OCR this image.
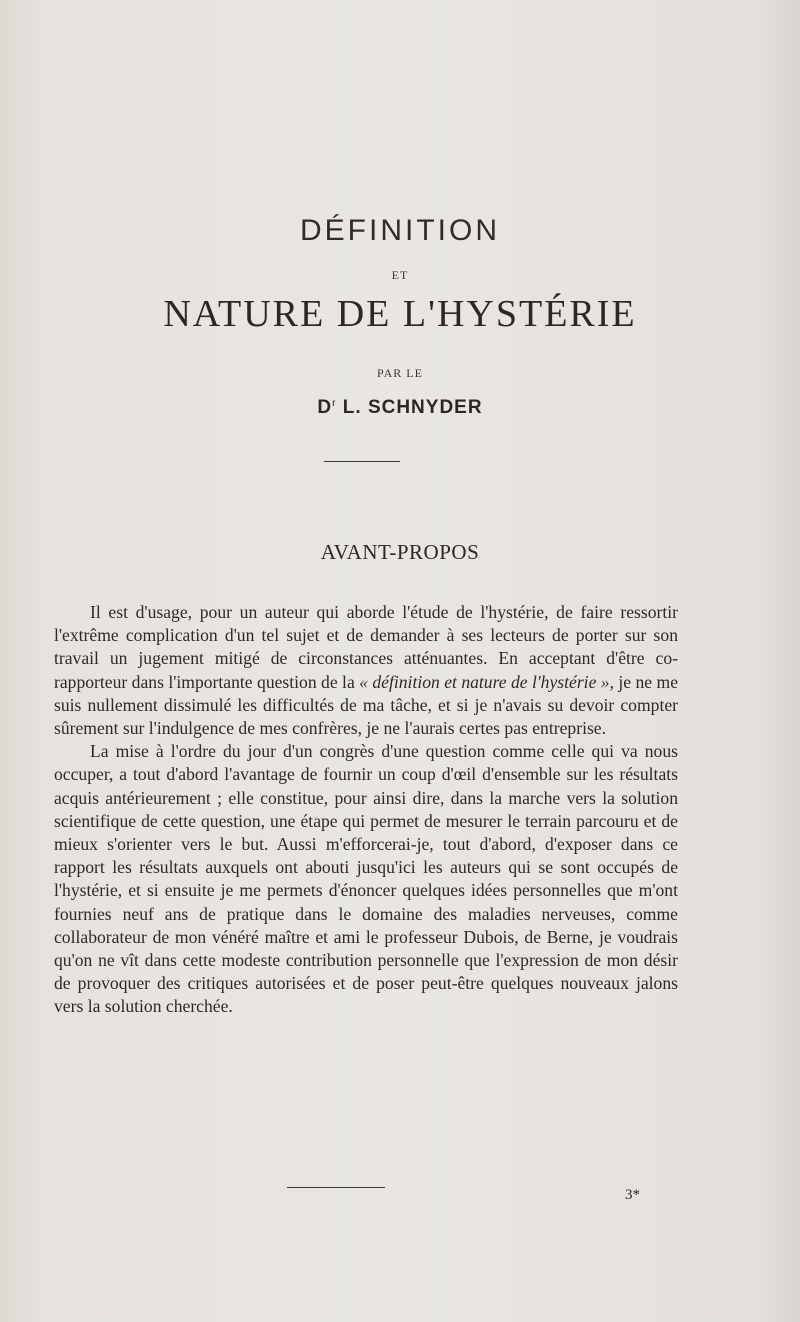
DÉFINITION
ET
NATURE DE L'HYSTÉRIE
PAR LE
$D^r$ L. SCHNYDER
AVANT-PROPOS

Il est d'usage, pour un auteur qui aborde l'étude de l'hystérie, de faire ressortir l'extrême complication d'un tel sujet et de demander à ses lecteurs de porter sur son travail un jugement mitigé de circonstances atténuantes. En acceptant d'être co-rapporteur dans l'importante question de la « définition et nature de l'hystérie », je ne me suis nullement dissimulé les difficultés de ma tâche, et si je n'avais su devoir compter sûrement sur l'indulgence de mes confrères, je ne l'aurais certes pas entreprise.

La mise à l'ordre du jour d'un congrès d'une question comme celle qui va nous occuper, a tout d'abord l'avantage de fournir un coup d'œil d'ensemble sur les résultats acquis antérieurement ; elle constitue, pour ainsi dire, dans la marche vers la solution scientifique de cette question, une étape qui permet de mesurer le terrain parcouru et de mieux s'orienter vers le but. Aussi m'efforcerai-je, tout d'abord, d'exposer dans ce rapport les résultats auxquels ont abouti jusqu'ici les auteurs qui se sont occupés de l'hystérie, et si ensuite je me permets d'énoncer quelques idées personnelles que m'ont fournies neuf ans de pratique dans le domaine des maladies nerveuses, comme collaborateur de mon vénéré maître et ami le professeur Dubois, de Berne, je voudrais qu'on ne vît dans cette modeste contribution personnelle que l'expression de mon désir de provoquer des critiques autorisées et de poser peut-être quelques nouveaux jalons vers la solution cherchée.

3*
